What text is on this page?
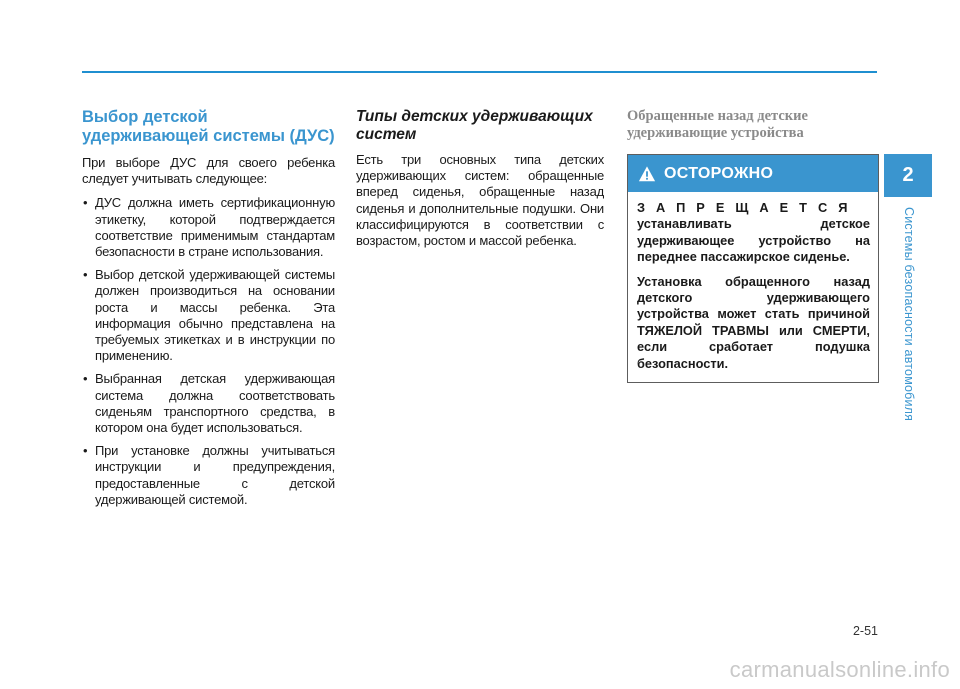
Выбор детской
удерживающей системы (ДУС)

При выборе ДУС для своего ребенка следует учитывать следующее:

• ДУС должна иметь сертификационную этикетку, которой подтверждается соответствие применимым стандартам безопасности в стране использования.
• Выбор детской удерживающей системы должен производиться на основании роста и массы ребенка. Эта информация обычно представлена на требуемых этикетках и в инструкции по применению.
• Выбранная детская удерживающая система должна соответствовать сиденьям транспортного средства, в котором она будет использоваться.
• При установке должны учитываться инструкции и предупреждения, предоставленные с детской удерживающей системой.
Типы детских удерживающих систем

Есть три основных типа детских удерживающих систем: обращенные вперед сиденья, обращенные назад сиденья и дополнительные подушки. Они классифицируются в соответствии с возрастом, ростом и массой ребенка.

Обращенные назад детские
удерживающие устройства
ОСТОРОЖНО

ЗАПРЕЩАЕТСЯ устанавливать детское удерживающее устройство на переднее пассажирское сиденье.

Установка обращенного назад детского удерживающего устройства может стать причиной ТЯЖЕЛОЙ ТРАВМЫ или СМЕРТИ, если сработает подушка безопасности.

2
Системы безопасности автомобиля
2-51
carmanualsonline.info
